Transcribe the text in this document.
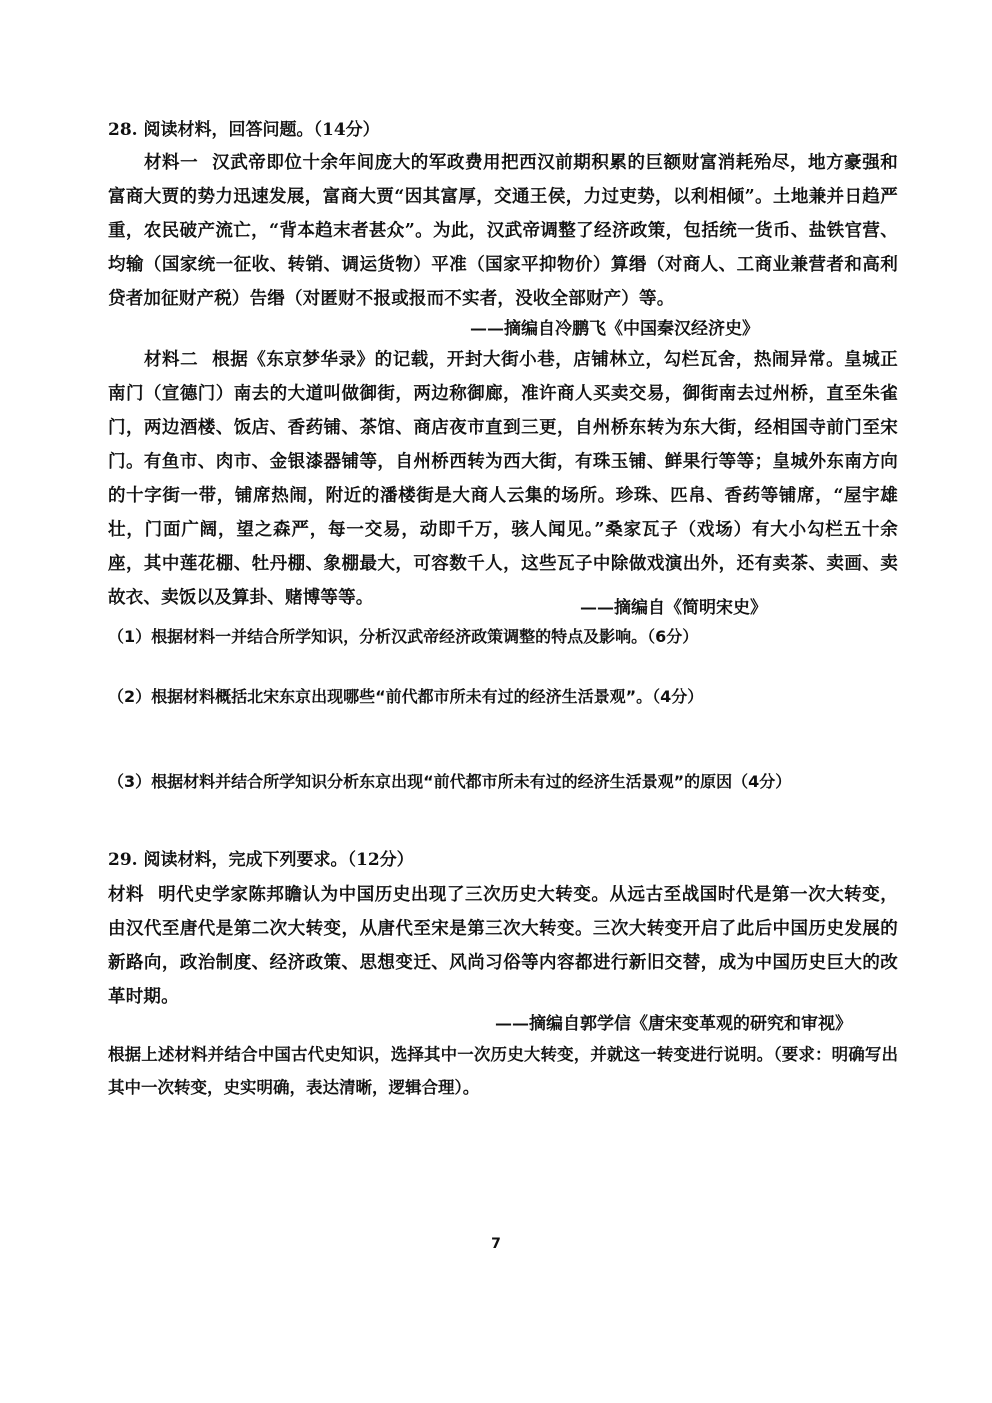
28. 阅读材料，回答问题。（14分）
材料一 汉武帝即位十余年间庞大的军政费用把西汉前期积累的巨额财富消耗殆尽，地方豪强和富商大贾的势力迅速发展，富商大贾“因其富厚，交通王侯，力过吏势，以利相倾”。土地兼并日趋严重，农民破产流亡，“背本趋末者甚众”。为此，汉武帝调整了经济政策，包括统一货币、盐铁官营、均输（国家统一征收、转销、调运货物）平准（国家平抑物价）算缗（对商人、工商业兼营者和高利贷者加征财产税）告缗（对匿财不报或报而不实者，没收全部财产）等。
——摘编自冷鹏飞《中国秦汉经济史》
材料二 根据《东京梦华录》的记载，开封大街小巷，店铺林立，勾栏瓦舍，热闹异常。皇城正南门（宣德门）南去的大道叫做御街，两边称御廊，准许商人买卖交易，御街南去过州桥，直至朱雀门，两边酒楼、饭店、香药铺、茶馆、商店夜市直到三更，自州桥东转为东大街，经相国寺前门至宋门。有鱼市、肉市、金银漆器铺等，自州桥西转为西大街，有珠玉铺、鲜果行等等；皇城外东南方向的十字街一带，铺席热闹，附近的潘楼街是大商人云集的场所。珍珠、匹帛、香药等铺席，“屋宇雄壮，门面广阔，望之森严，每一交易，动即千万，骇人闻见。”桑家瓦子（戏场）有大小勾栏五十余座，其中莲花棚、牡丹棚、象棚最大，可容数千人，这些瓦子中除做戏演出外，还有卖茶、卖画、卖故衣、卖饭以及算卦、赌博等等。	——摘编自《简明宋史》
（1）根据材料一并结合所学知识，分析汉武帝经济政策调整的特点及影响。（6分）
（2）根据材料概括北宋东京出现哪些“前代都市所未有过的经济生活景观”。（4分）
（3）根据材料并结合所学知识分析东京出现“前代都市所未有过的经济生活景观”的原因（4分）
29. 阅读材料，完成下列要求。（12分）
材料 明代史学家陈邦瞻认为中国历史出现了三次历史大转变。从远古至战国时代是第一次大转变，由汉代至唐代是第二次大转变，从唐代至宋是第三次大转变。三次大转变开启了此后中国历史发展的新路向，政治制度、经济政策、思想变迁、风尚习俗等内容都进行新旧交替，成为中国历史巨大的改革时期。
——摘编自郭学信《唐宋变革观的研究和审视》
根据上述材料并结合中国古代史知识，选择其中一次历史大转变，并就这一转变进行说明。（要求：明确写出其中一次转变，史实明确，表达清晰，逻辑合理）。
7
